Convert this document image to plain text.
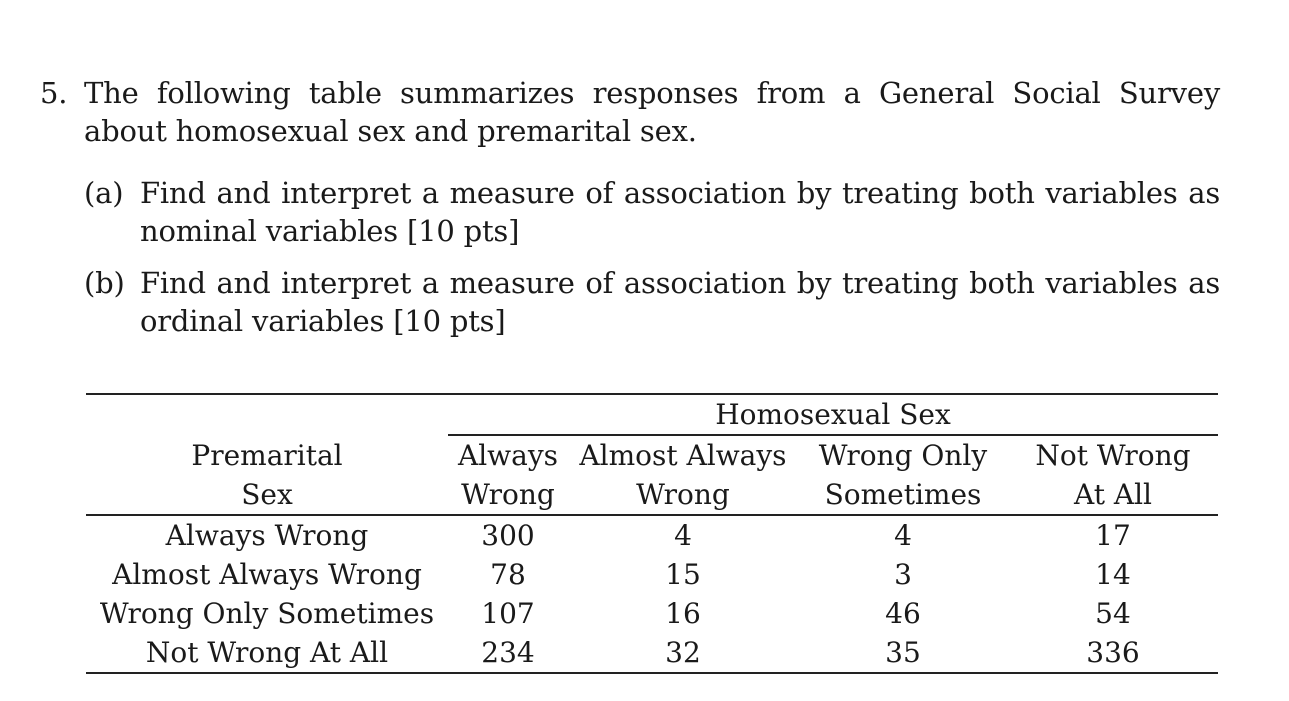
5. The following table summarizes responses from a General Social Survey about homosexual sex and premarital sex.
(a) Find and interpret a measure of association by treating both variables as nominal variables [10 pts]
(b) Find and interpret a measure of association by treating both variables as ordinal variables [10 pts]
	Homosexual Sex			
Premarital	Always	Almost Always	Wrong Only	Not Wrong
Sex	Wrong	Wrong	Sometimes	At All
Always Wrong	300	4	4	17
Almost Always Wrong	78	15	3	14
Wrong Only Sometimes	107	16	46	54
Not Wrong At All	234	32	35	336
